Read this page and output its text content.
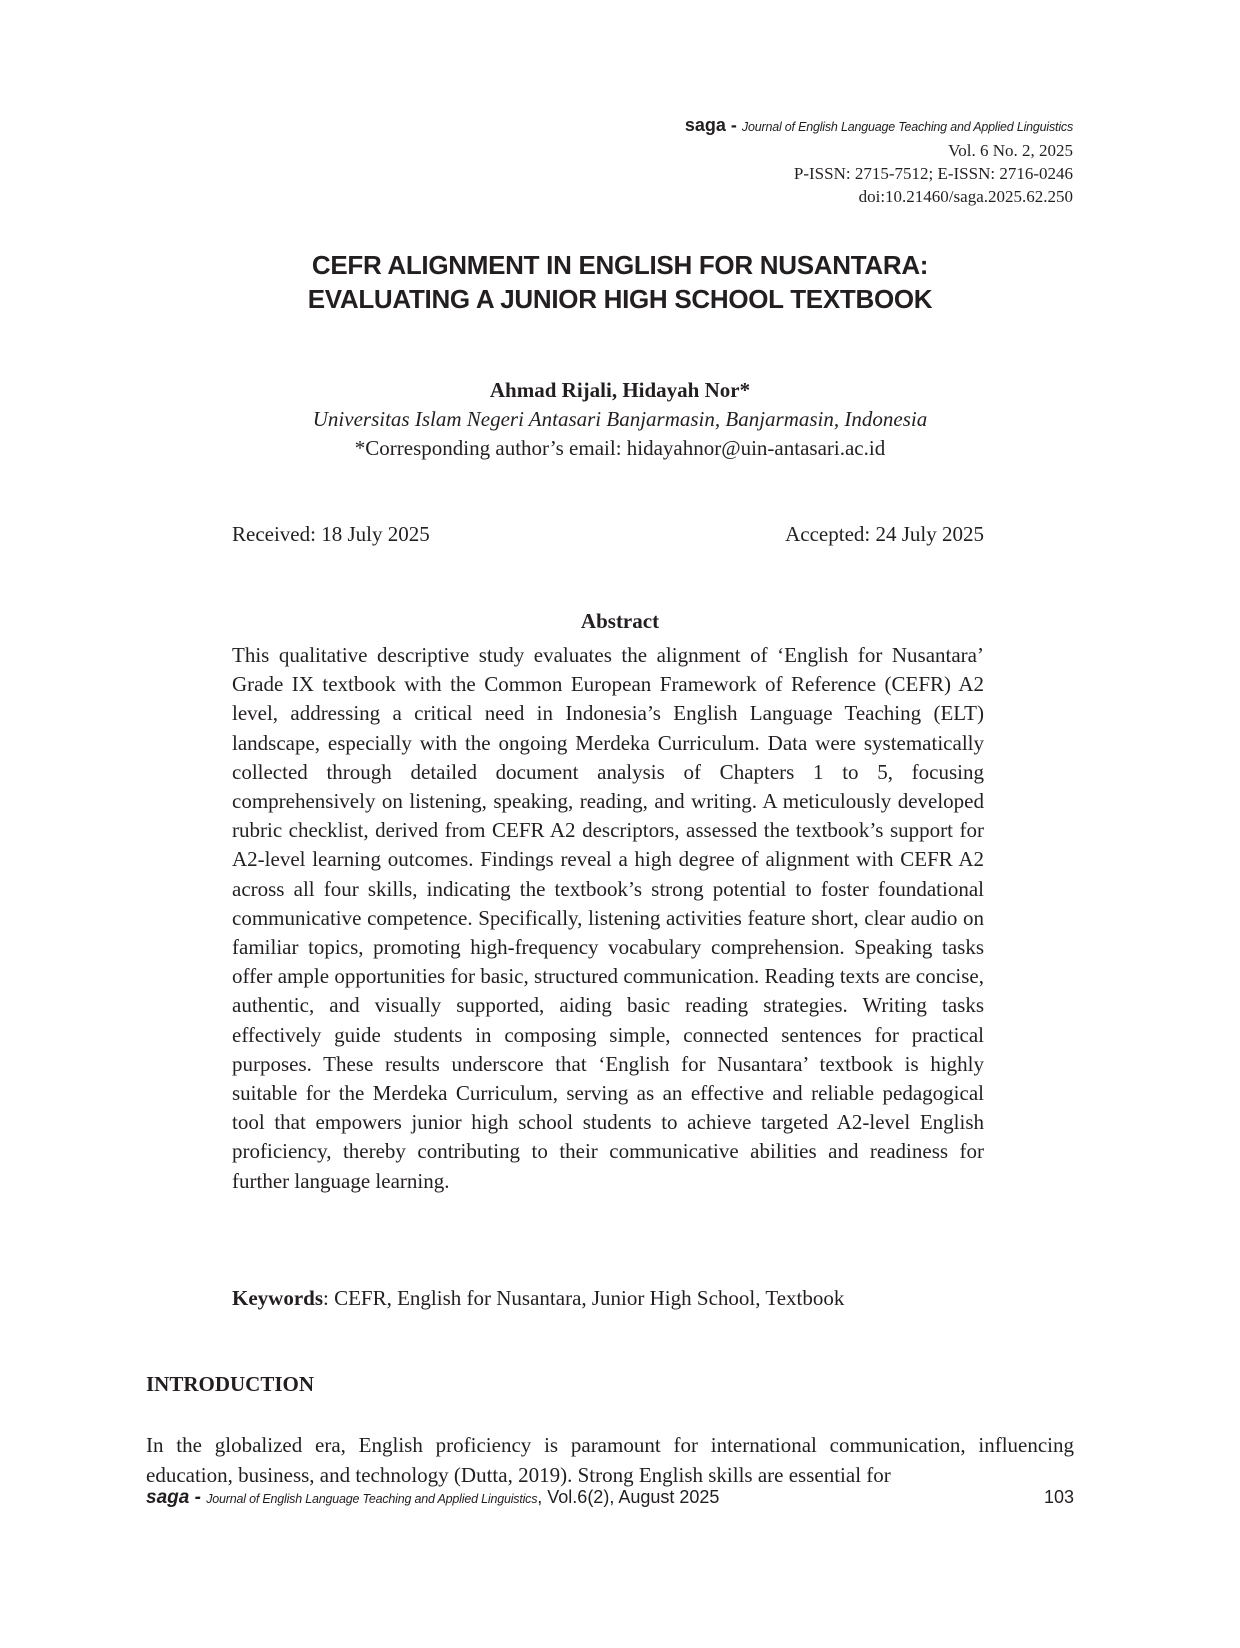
saga - Journal of English Language Teaching and Applied Linguistics
Vol. 6 No. 2, 2025
P-ISSN: 2715-7512; E-ISSN: 2716-0246
doi:10.21460/saga.2025.62.250
CEFR ALIGNMENT IN ENGLISH FOR NUSANTARA:
EVALUATING A JUNIOR HIGH SCHOOL TEXTBOOK
Ahmad Rijali, Hidayah Nor*
Universitas Islam Negeri Antasari Banjarmasin, Banjarmasin, Indonesia
*Corresponding author’s email: hidayahnor@uin-antasari.ac.id
Received: 18 July 2025	Accepted: 24 July 2025
Abstract

This qualitative descriptive study evaluates the alignment of ‘English for Nusantara’ Grade IX textbook with the Common European Framework of Reference (CEFR) A2 level, addressing a critical need in Indonesia’s English Language Teaching (ELT) landscape, especially with the ongoing Merdeka Curriculum. Data were systematically collected through detailed document analysis of Chapters 1 to 5, focusing comprehensively on listening, speaking, reading, and writing. A meticulously developed rubric checklist, derived from CEFR A2 descriptors, assessed the textbook’s support for A2-level learning outcomes. Findings reveal a high degree of alignment with CEFR A2 across all four skills, indicating the textbook’s strong potential to foster foundational communicative competence. Specifically, listening activities feature short, clear audio on familiar topics, promoting high-frequency vocabulary comprehension. Speaking tasks offer ample opportunities for basic, structured communication. Reading texts are concise, authentic, and visually supported, aiding basic reading strategies. Writing tasks effectively guide students in composing simple, connected sentences for practical purposes. These results underscore that ‘English for Nusantara’ textbook is highly suitable for the Merdeka Curriculum, serving as an effective and reliable pedagogical tool that empowers junior high school students to achieve targeted A2-level English proficiency, thereby contributing to their communicative abilities and readiness for further language learning.

Keywords: CEFR, English for Nusantara, Junior High School, Textbook

INTRODUCTION

In the globalized era, English proficiency is paramount for international communication, influencing education, business, and technology (Dutta, 2019). Strong English skills are essential for

saga - Journal of English Language Teaching and Applied Linguistics, Vol.6(2), August 2025	103
